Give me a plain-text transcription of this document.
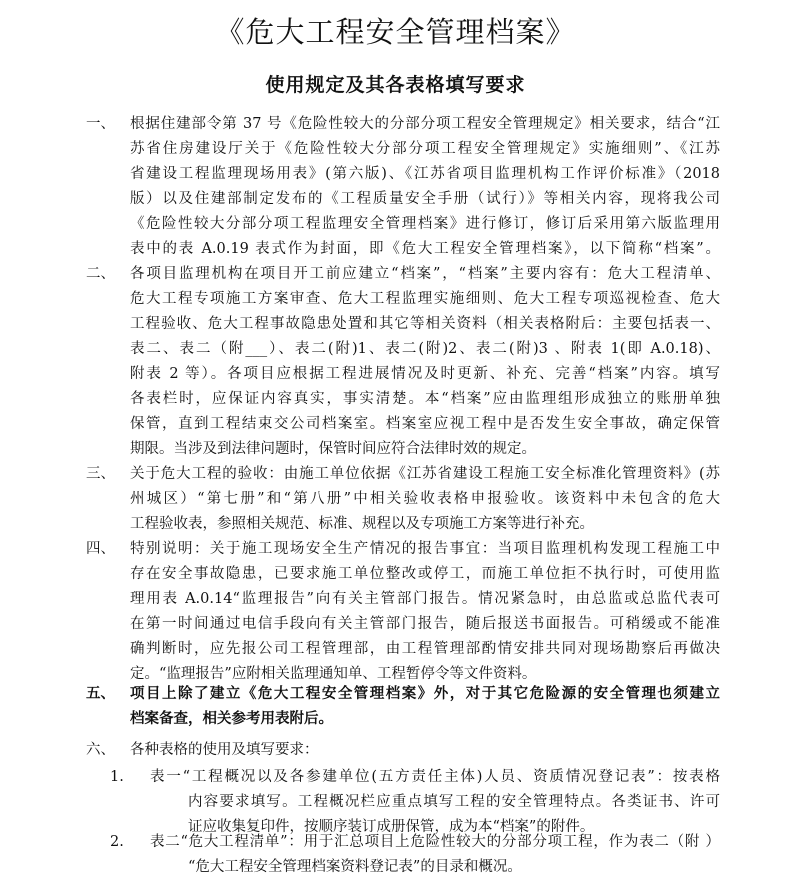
《危大工程安全管理档案》
使用规定及其各表格填写要求
一、 根据住建部令第 37 号《危险性较大的分部分项工程安全管理规定》相关要求，结合“江
苏省住房建设厅关于《危险性较大分部分项工程安全管理规定》实施细则”、《江苏
省建设工程监理现场用表》(第六版)、《江苏省项目监理机构工作评价标准》（2018
版）以及住建部制定发布的《工程质量安全手册（试行）》等相关内容，现将我公司
《危险性较大分部分项工程监理安全管理档案》进行修订，修订后采用第六版监理用
表中的表 A.0.19 表式作为封面，即《危大工程安全管理档案》，以下简称“档案”。
二、 各项目监理机构在项目开工前应建立“档案”，“档案”主要内容有：危大工程清单、
危大工程专项施工方案审查、危大工程监理实施细则、危大工程专项巡视检查、危大
工程验收、危大工程事故隐患处置和其它等相关资料（相关表格附后：主要包括表一、
表二、表二（附___）、表二(附)1、表二(附)2、表二(附)3 、附表 1(即 A.0.18)、
附表 2 等）。各项目应根据工程进展情况及时更新、补充、完善“档案”内容。填写
各表栏时，应保证内容真实，事实清楚。本“档案”应由监理组形成独立的账册单独
保管，直到工程结束交公司档案室。档案室应视工程中是否发生安全事故，确定保管
期限。当涉及到法律问题时，保管时间应符合法律时效的规定。
三、 关于危大工程的验收：由施工单位依据《江苏省建设工程施工安全标准化管理资料》(苏
州城区）“第七册”和“第八册”中相关验收表格申报验收。该资料中未包含的危大
工程验收表，参照相关规范、标准、规程以及专项施工方案等进行补充。
四、 特别说明：关于施工现场安全生产情况的报告事宜：当项目监理机构发现工程施工中
存在安全事故隐患，已要求施工单位整改或停工，而施工单位拒不执行时，可使用监
理用表 A.0.14“监理报告”向有关主管部门报告。情况紧急时，由总监或总监代表可
在第一时间通过电信手段向有关主管部门报告，随后报送书面报告。可稍缓或不能准
确判断时，应先报公司工程管理部，由工程管理部酌情安排共同对现场勘察后再做决
定。“监理报告”应附相关监理通知单、工程暂停令等文件资料。
五、 项目上除了建立《危大工程安全管理档案》外，对于其它危险源的安全管理也须建立
档案备查，相关参考用表附后。
六、 各种表格的使用及填写要求：
1. 表一“工程概况以及各参建单位(五方责任主体)人员、资质情况登记表”：按表格
内容要求填写。工程概况栏应重点填写工程的安全管理特点。各类证书、许可
证应收集复印件，按顺序装订成册保管，成为本“档案”的附件。
2. 表二“危大工程清单”：用于汇总项目上危险性较大的分部分项工程，作为表二（附 ）
“危大工程安全管理档案资料登记表”的目录和概况。
